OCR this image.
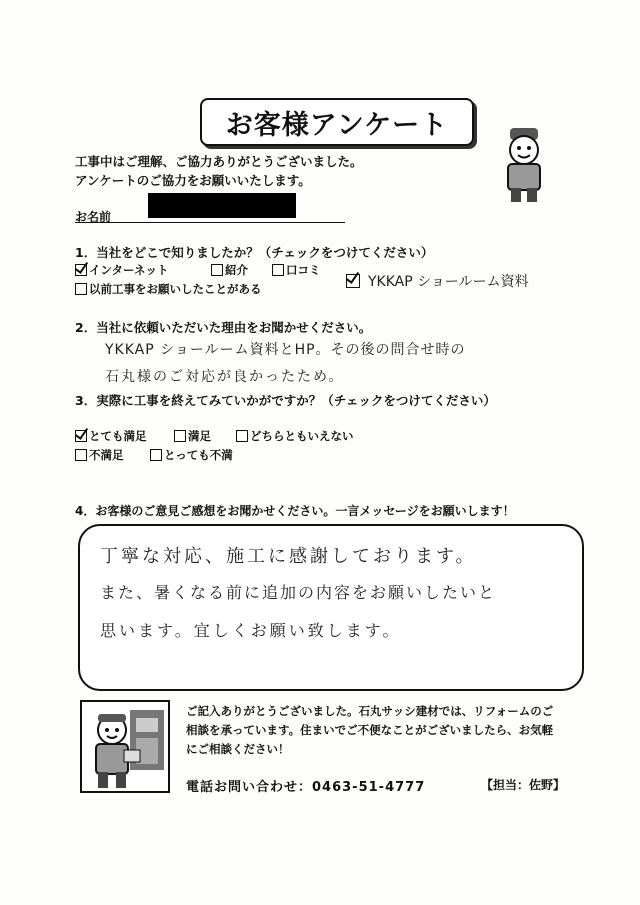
お客様アンケート
工事中はご理解、ご協力ありがとうございました。
アンケートのご協力をお願いいたします。
お名前
1．当社をどこで知りましたか？（チェックをつけてください）
インターネット	紹介	口コミ
以前工事をお願いしたことがある	YKKAP ショールーム資料
2．当社に依頼いただいた理由をお聞かせください。
YKKAP ショールーム資料とHP。その後の問合せ時の
石丸様のご対応が良かったため。
3．実際に工事を終えてみていかがですか？（チェックをつけてください）
とても満足	満足	どちらともいえない
不満足	とっても不満
4．お客様のご意見ご感想をお聞かせください。一言メッセージをお願いします！
丁寧な対応、施工に感謝しております。
また、暑くなる前に追加の内容をお願いしたいと
思います。宜しくお願い致します。
ご記入ありがとうございました。石丸サッシ建材では、リフォームのご
相談を承っています。住まいでご不便なことがございましたら、お気軽
にご相談ください！
電話お問い合わせ：0463-51-4777	【担当：佐野】
